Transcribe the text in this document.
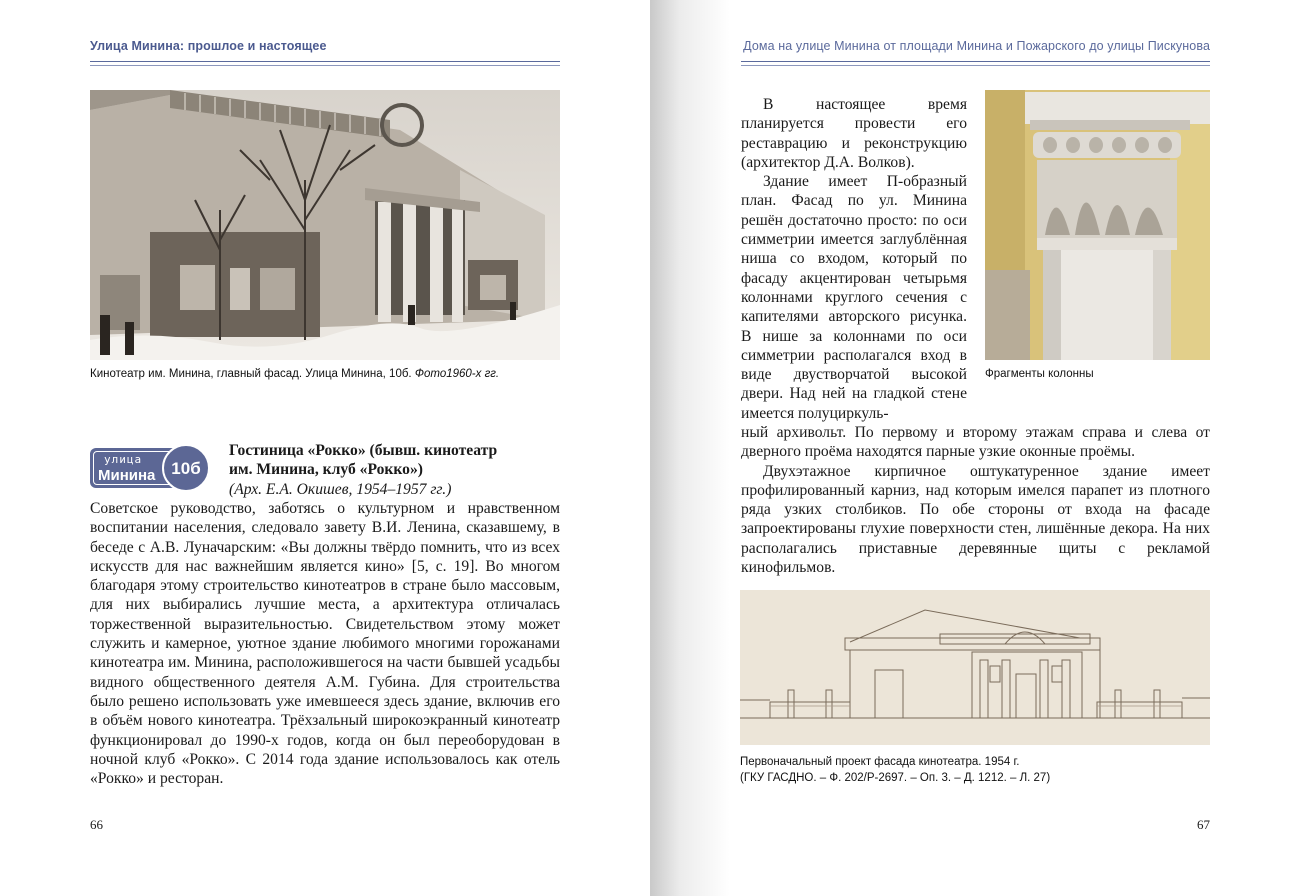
Улица Минина: прошлое и настоящее
Кинотеатр им. Минина, главный фасад. Улица Минина, 10б. Фото1960-х гг.
улица
Минина 10б
Гостиница «Рокко» (бывш. кинотеатр
им. Минина, клуб «Рокко»)
(Арх. Е.А. Окишев, 1954–1957 гг.)

Советское руководство, заботясь о культурном и нравственном воспитании населения, следовало завету В.И. Ленина, сказавшему, в беседе с А.В. Луначарским: «Вы должны твёрдо помнить, что из всех искусств для нас важнейшим является кино» [5, с. 19]. Во многом благодаря этому строительство кинотеатров в стране было массовым, для них выбирались лучшие места, а архитектура отличалась торжественной выразительностью. Свидетельством этому может служить и камерное, уютное здание любимого многими горожанами кинотеатра им. Минина, расположившегося на части бывшей усадьбы видного общественного деятеля А.М. Губина. Для строительства было решено использовать уже имевшееся здесь здание, включив его в объём нового кинотеатра. Трёхзальный широкоэкранный кинотеатр функционировал до 1990-х годов, когда он был переоборудован в ночной клуб «Рокко». С 2014 года здание использовалось как отель «Рокко» и ресторан.

66
Дома на улице Минина от площади Минина и Пожарского до улицы Пискунова
Фрагменты колонны

В настоящее время планируется провести его реставрацию и реконструкцию (архитектор Д.А. Волков).

Здание имеет П-образный план. Фасад по ул. Минина решён достаточно просто: по оси симметрии имеется заглублённая ниша со входом, который по фасаду акцентирован четырьмя колоннами круглого сечения с капителями авторского рисунка. В нише за колоннами по оси симметрии располагался вход в виде двустворчатой высокой двери. Над ней на гладкой стене имеется полуциркуль-

ный архивольт. По первому и второму этажам справа и слева от дверного проёма находятся парные узкие оконные проёмы.

Двухэтажное кирпичное оштукатуренное здание имеет профилированный карниз, над которым имелся парапет из плотного ряда узких столбиков. По обе стороны от входа на фасаде запроектированы глухие поверхности стен, лишённые декора. На них располагались приставные деревянные щиты с рекламой кинофильмов.

Первоначальный проект фасада кинотеатра. 1954 г.
(ГКУ ГАСДНО. – Ф. 202/Р-2697. – Оп. 3. – Д. 1212. – Л. 27)
67
